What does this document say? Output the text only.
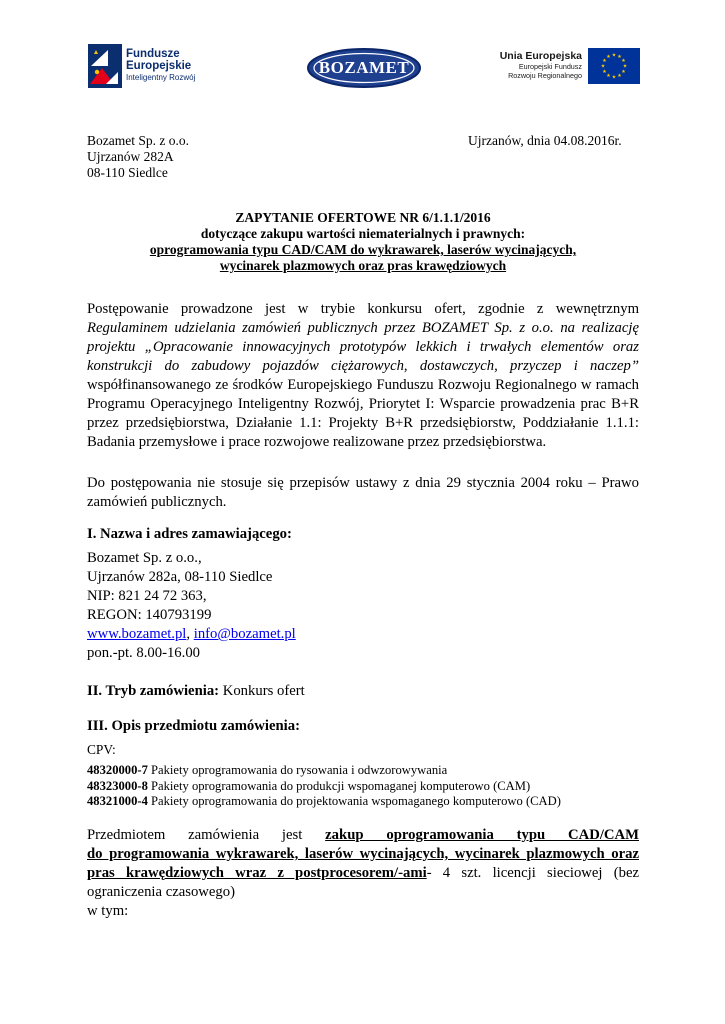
Fundusze
Europejskie
Inteligentny Rozwój
BOZAMET
Unia Europejska
Europejski Fundusz
Rozwoju Regionalnego
★ ★
★
★
★
★
★
★
★
★
★
★
Bozamet Sp. z o.o.
Ujrzanów 282A
08-110 Siedlce
Ujrzanów, dnia 04.08.2016r.
ZAPYTANIE OFERTOWE NR 6/1.1.1/2016
dotyczące zakupu wartości niematerialnych i prawnych:
oprogramowania typu CAD/CAM do wykrawarek, laserów wycinających,
wycinarek plazmowych oraz pras krawędziowych
Postępowanie prowadzone jest w trybie konkursu ofert, zgodnie z wewnętrznym
Regulaminem udzielania zamówień publicznych przez BOZAMET Sp. z o.o. na realizację
projektu „Opracowanie innowacyjnych prototypów lekkich i trwałych elementów oraz
konstrukcji do zabudowy pojazdów ciężarowych, dostawczych, przyczep i naczep”
współfinansowanego ze środków Europejskiego Funduszu Rozwoju Regionalnego w ramach
Programu Operacyjnego Inteligentny Rozwój, Priorytet I: Wsparcie prowadzenia prac B+R
przez przedsiębiorstwa, Działanie 1.1: Projekty B+R przedsiębiorstw, Poddziałanie 1.1.1:
Badania przemysłowe i prace rozwojowe realizowane przez przedsiębiorstwa.
Do postępowania nie stosuje się przepisów ustawy z dnia 29 stycznia 2004 roku – Prawo
zamówień publicznych.
I. Nazwa i adres zamawiającego:
Bozamet Sp. z o.o.,
Ujrzanów 282a, 08-110 Siedlce
NIP: 821 24 72 363,
REGON: 140793199
www.bozamet.pl, info@bozamet.pl
pon.-pt. 8.00-16.00
II. Tryb zamówienia: Konkurs ofert
III. Opis przedmiotu zamówienia:
CPV:
48320000-7 Pakiety oprogramowania do rysowania i odwzorowywania
48323000-8 Pakiety oprogramowania do produkcji wspomaganej komputerowo (CAM)
48321000-4 Pakiety oprogramowania do projektowania wspomaganego komputerowo (CAD)
Przedmiotem zamówienia jest zakup oprogramowania typu CAD/CAM
do programowania wykrawarek, laserów wycinających, wycinarek plazmowych oraz
pras krawędziowych wraz z postprocesorem/-ami- 4 szt. licencji sieciowej (bez
ograniczenia czasowego)
w tym:
